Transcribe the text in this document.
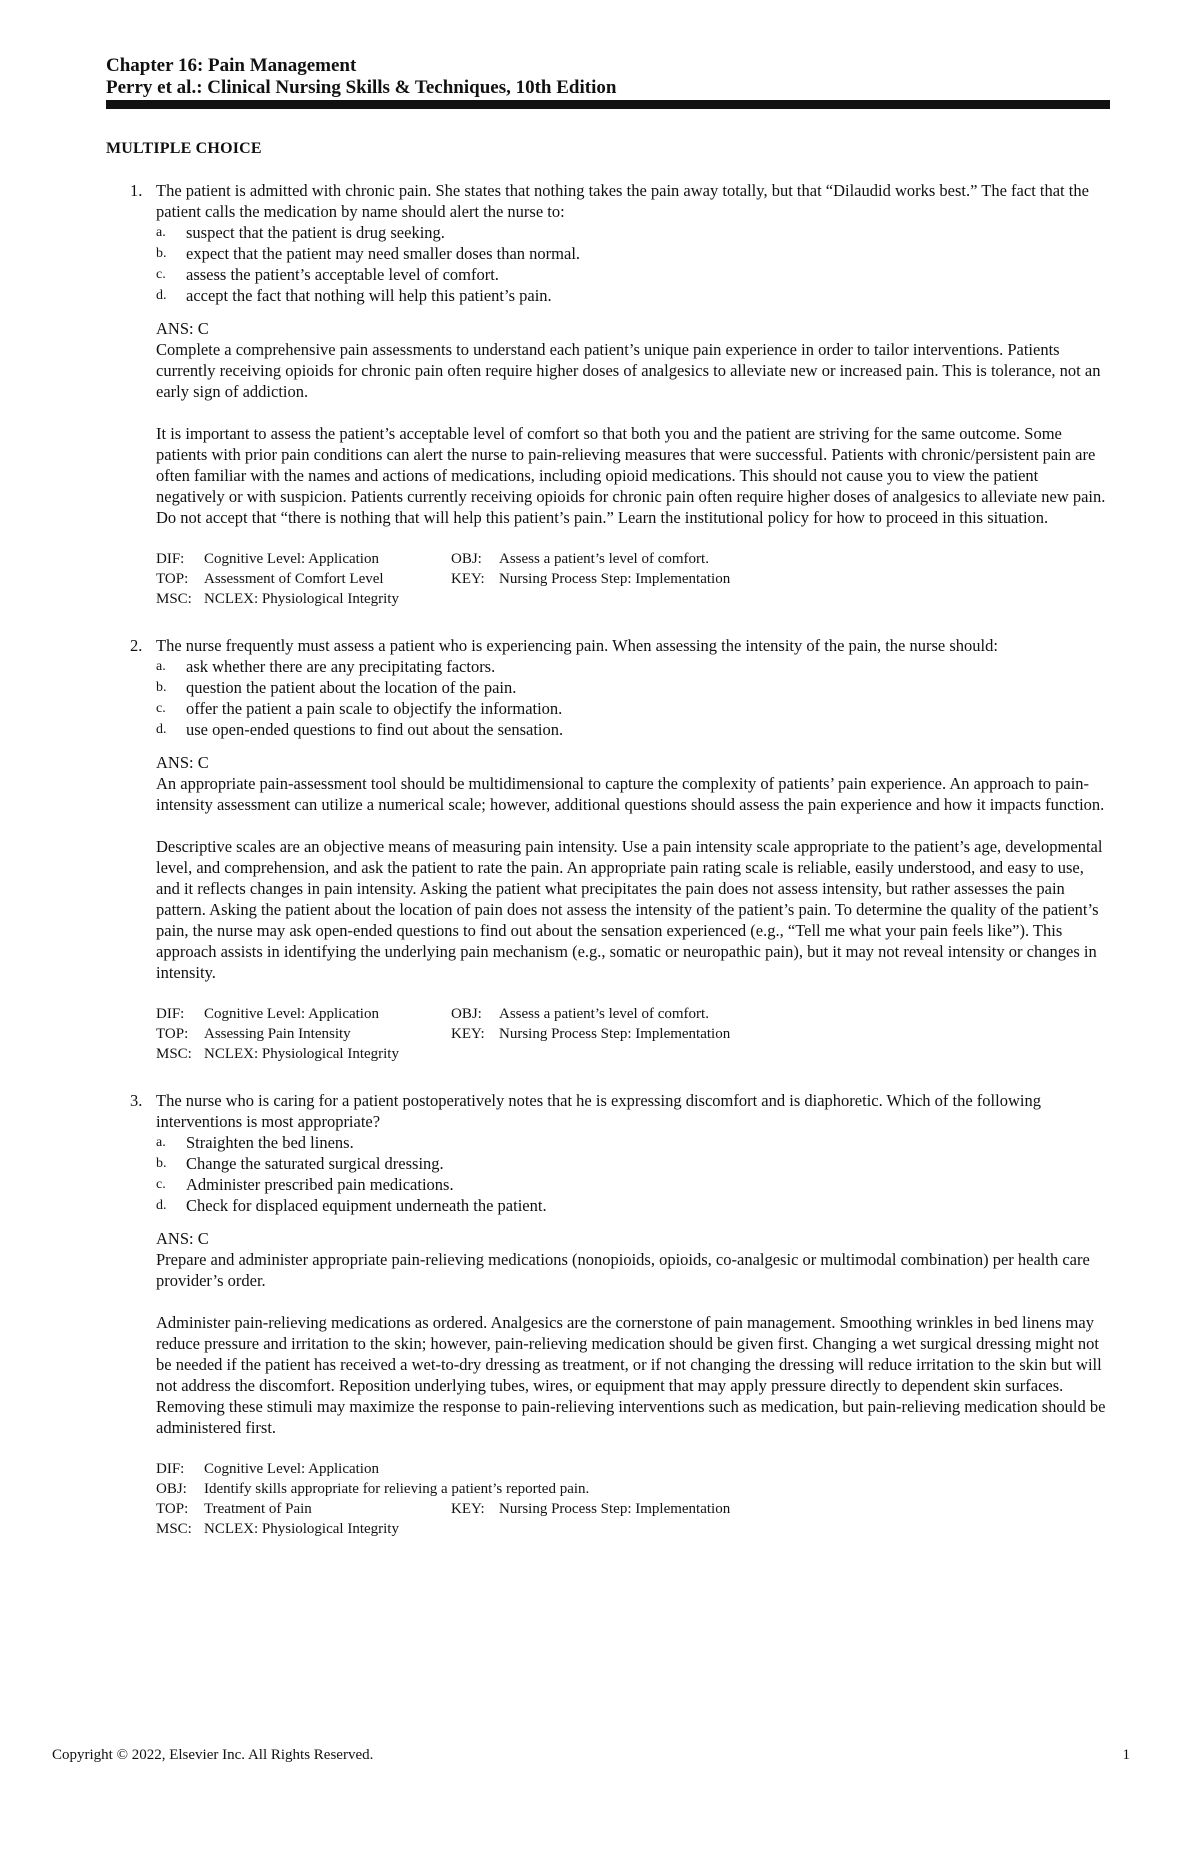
Chapter 16: Pain Management
Perry et al.: Clinical Nursing Skills & Techniques, 10th Edition
MULTIPLE CHOICE
1. The patient is admitted with chronic pain. She states that nothing takes the pain away totally, but that “Dilaudid works best.” The fact that the patient calls the medication by name should alert the nurse to:

a.	suspect that the patient is drug seeking.
b.	expect that the patient may need smaller doses than normal.
c.	assess the patient’s acceptable level of comfort.
d.	accept the fact that nothing will help this patient’s pain.
ANS: C

Complete a comprehensive pain assessments to understand each patient’s unique pain experience in order to tailor interventions. Patients currently receiving opioids for chronic pain often require higher doses of analgesics to alleviate new or increased pain. This is tolerance, not an early sign of addiction.

It is important to assess the patient’s acceptable level of comfort so that both you and the patient are striving for the same outcome. Some patients with prior pain conditions can alert the nurse to pain-relieving measures that were successful. Patients with chronic/persistent pain are often familiar with the names and actions of medications, including opioid medications. This should not cause you to view the patient negatively or with suspicion. Patients currently receiving opioids for chronic pain often require higher doses of analgesics to alleviate new pain. Do not accept that “there is nothing that will help this patient’s pain.” Learn the institutional policy for how to proceed in this situation.

DIF:	Cognitive Level: Application	OBJ:	Assess a patient’s level of comfort.
TOP:	Assessment of Comfort Level	KEY: Nursing Process Step: Implementation
MSC: NCLEX: Physiological Integrity
2. The nurse frequently must assess a patient who is experiencing pain. When assessing the intensity of the pain, the nurse should:

a.	ask whether there are any precipitating factors.
b.	question the patient about the location of the pain.
c.	offer the patient a pain scale to objectify the information.
d.	use open-ended questions to find out about the sensation.
ANS: C

An appropriate pain-assessment tool should be multidimensional to capture the complexity of patients’ pain experience. An approach to pain-intensity assessment can utilize a numerical scale; however, additional questions should assess the pain experience and how it impacts function.

Descriptive scales are an objective means of measuring pain intensity. Use a pain intensity scale appropriate to the patient’s age, developmental level, and comprehension, and ask the patient to rate the pain. An appropriate pain rating scale is reliable, easily understood, and easy to use, and it reflects changes in pain intensity. Asking the patient what precipitates the pain does not assess intensity, but rather assesses the pain pattern. Asking the patient about the location of pain does not assess the intensity of the patient’s pain. To determine the quality of the patient’s pain, the nurse may ask open-ended questions to find out about the sensation experienced (e.g., “Tell me what your pain feels like”). This approach assists in identifying the underlying pain mechanism (e.g., somatic or neuropathic pain), but it may not reveal intensity or changes in intensity.

DIF:	Cognitive Level: Application	OBJ:	Assess a patient’s level of comfort.
TOP:	Assessing Pain Intensity	KEY: Nursing Process Step: Implementation
MSC: NCLEX: Physiological Integrity
3. The nurse who is caring for a patient postoperatively notes that he is expressing discomfort and is diaphoretic. Which of the following interventions is most appropriate?

a.	Straighten the bed linens.
b.	Change the saturated surgical dressing.
c.	Administer prescribed pain medications.
d.	Check for displaced equipment underneath the patient.
ANS: C

Prepare and administer appropriate pain-relieving medications (nonopioids, opioids, co-analgesic or multimodal combination) per health care provider’s order.

Administer pain-relieving medications as ordered. Analgesics are the cornerstone of pain management. Smoothing wrinkles in bed linens may reduce pressure and irritation to the skin; however, pain-relieving medication should be given first. Changing a wet surgical dressing might not be needed if the patient has received a wet-to-dry dressing as treatment, or if not changing the dressing will reduce irritation to the skin but will not address the discomfort. Reposition underlying tubes, wires, or equipment that may apply pressure directly to dependent skin surfaces. Removing these stimuli may maximize the response to pain-relieving interventions such as medication, but pain-relieving medication should be administered first.

DIF:	Cognitive Level: Application
OBJ:	Identify skills appropriate for relieving a patient’s reported pain.
TOP:	Treatment of Pain	KEY: Nursing Process Step: Implementation
MSC: NCLEX: Physiological Integrity
Copyright © 2022, Elsevier Inc. All Rights Reserved.	1
